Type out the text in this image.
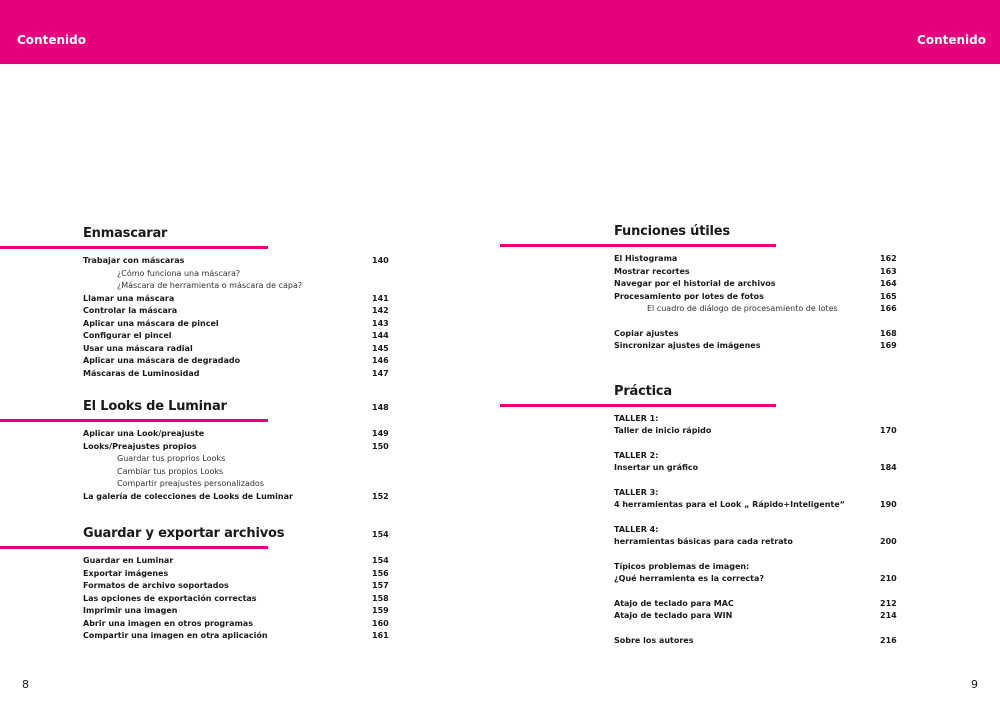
Contenido	Contenido
Enmascarar
Trabajar con máscaras	140
¿Cómo funciona una máscara?
¿Máscara de herramienta o máscara de capa?
Llamar una máscara	141
Controlar la máscara	142
Aplicar una máscara de pincel	143
Configurar el pincel	144
Usar una máscara radial	145
Aplicar una máscara de degradado	146
Máscaras de Luminosidad	147
El Looks de Luminar	148
Aplicar una Look/preajuste	149
Looks/Preajustes propios	150
Guardar tus proprios Looks
Cambiar tus propios Looks
Compartir preajustes personalizados
La galería de colecciones de Looks de Luminar	152
Guardar y exportar archivos	154
Guardar en Luminar	154
Exportar imágenes	156
Formatos de archivo soportados	157
Las opciones de exportación correctas	158
Imprimir una imagen	159
Abrir una imagen en otros programas	160
Compartir una imagen en otra aplicación	161
Funciones útiles
El Histograma	162
Mostrar recortes	163
Navegar por el historial de archivos	164
Procesamiento por lotes de fotos	165
El cuadro de diálogo de procesamiento de lotes	166
Copiar ajustes	168
Sincronizar ajustes de imágenes	169
Práctica
TALLER 1:
Taller de inicio rápido	170
TALLER 2:
Insertar un gráfico	184
TALLER 3:
4 herramientas para el Look „ Rápido+Inteligente“	190
TALLER 4:
herramientas básicas para cada retrato	200
Típicos problemas de imagen:
¿Qué herramienta es la correcta?	210
Atajo de teclado para MAC	212
Atajo de teclado para WIN	214
Sobre los autores	216
8	9
